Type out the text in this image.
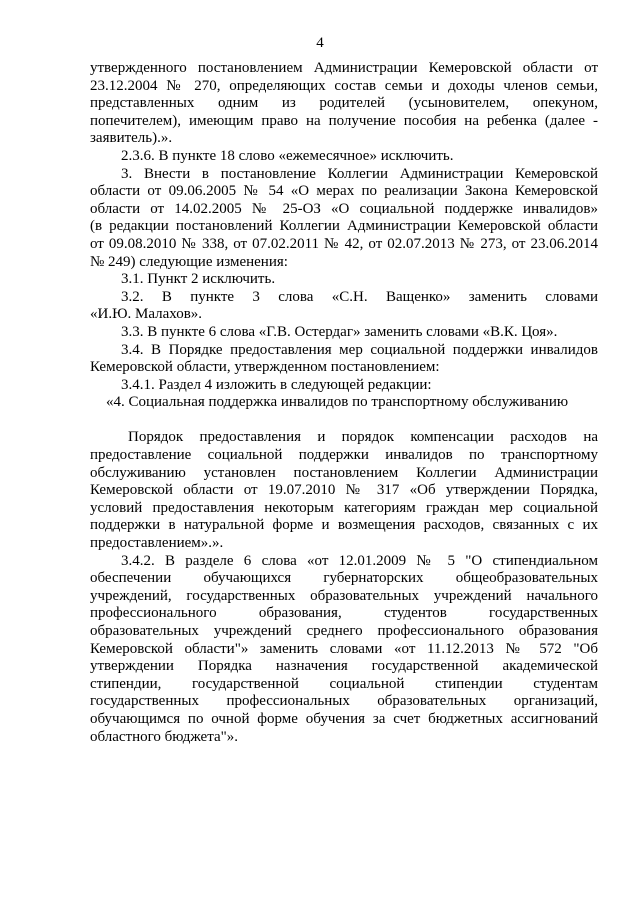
4
утвержденного постановлением Администрации Кемеровской области от
23.12.2004 № 270, определяющих состав семьи и доходы членов семьи,
представленных одним из родителей (усыновителем, опекуном,
попечителем), имеющим право на получение пособия на ребенка (далее -
заявитель).».
2.3.6. В пункте 18 слово «ежемесячное» исключить.
3. Внести в постановление Коллегии Администрации Кемеровской
области от 09.06.2005 № 54 «О мерах по реализации Закона Кемеровской
области от 14.02.2005 № 25-ОЗ «О социальной поддержке инвалидов»
(в редакции постановлений Коллегии Администрации Кемеровской области
от 09.08.2010 № 338, от 07.02.2011 № 42, от 02.07.2013 № 273, от 23.06.2014
№ 249) следующие изменения:
3.1. Пункт 2 исключить.
3.2. В пункте 3 слова «С.Н. Ващенко» заменить словами
«И.Ю. Малахов».
3.3. В пункте 6 слова «Г.В. Остердаг» заменить словами «В.К. Цоя».
3.4. В Порядке предоставления мер социальной поддержки инвалидов
Кемеровской области, утвержденном постановлением:
3.4.1. Раздел 4 изложить в следующей редакции:
«4. Социальная поддержка инвалидов по транспортному обслуживанию
Порядок предоставления и порядок компенсации расходов на
предоставление социальной поддержки инвалидов по транспортному
обслуживанию установлен постановлением Коллегии Администрации
Кемеровской области от 19.07.2010 № 317 «Об утверждении Порядка,
условий предоставления некоторым категориям граждан мер социальной
поддержки в натуральной форме и возмещения расходов, связанных с их
предоставлением».».
3.4.2. В разделе 6 слова «от 12.01.2009 № 5 "О стипендиальном
обеспечении обучающихся губернаторских общеобразовательных
учреждений, государственных образовательных учреждений начального
профессионального образования, студентов государственных
образовательных учреждений среднего профессионального образования
Кемеровской области"» заменить словами «от 11.12.2013 № 572 "Об
утверждении Порядка назначения государственной академической
стипендии, государственной социальной стипендии студентам
государственных профессиональных образовательных организаций,
обучающимся по очной форме обучения за счет бюджетных ассигнований
областного бюджета"».
